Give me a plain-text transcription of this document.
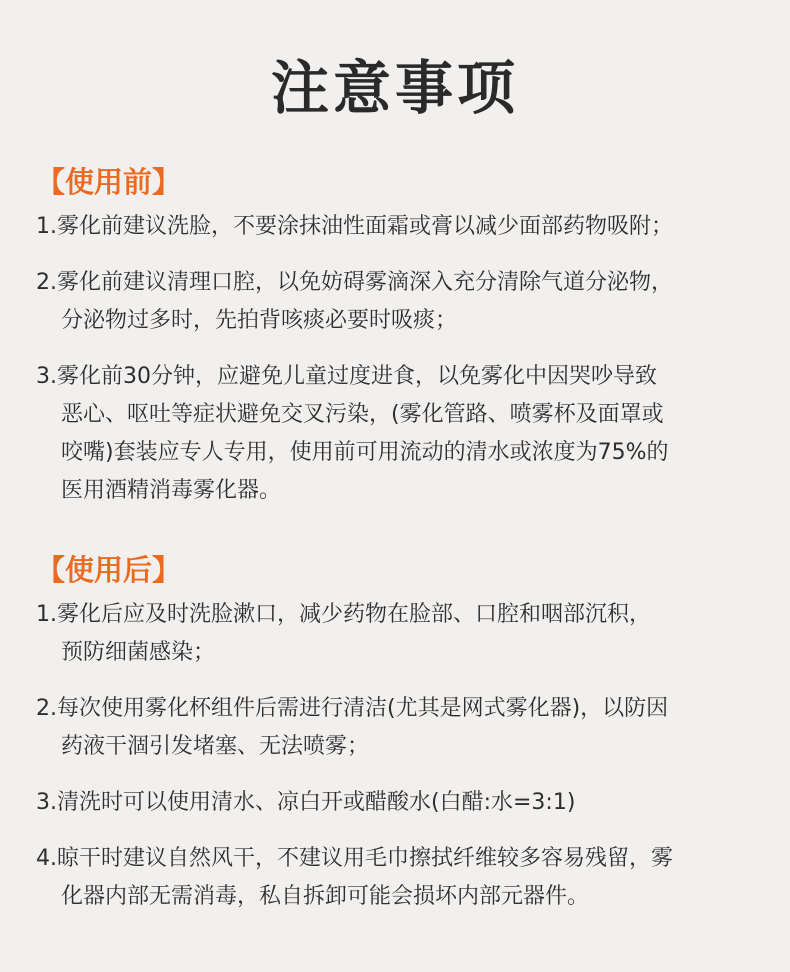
注意事项
【使用前】
1.雾化前建议洗脸，不要涂抹油性面霜或膏以减少面部药物吸附；
2.雾化前建议清理口腔，以免妨碍雾滴深入充分清除气道分泌物，
分泌物过多时，先拍背咳痰必要时吸痰；
3.雾化前30分钟，应避免儿童过度进食，以免雾化中因哭吵导致
恶心、呕吐等症状避免交叉污染，(雾化管路、喷雾杯及面罩或
咬嘴)套装应专人专用，使用前可用流动的清水或浓度为75%的
医用酒精消毒雾化器。
【使用后】
1.雾化后应及时洗脸漱口，减少药物在脸部、口腔和咽部沉积，
预防细菌感染；
2.每次使用雾化杯组件后需进行清洁(尤其是网式雾化器)，以防因
药液干涸引发堵塞、无法喷雾；
3.清洗时可以使用清水、凉白开或醋酸水(白醋:水=3:1)
4.晾干时建议自然风干，不建议用毛巾擦拭纤维较多容易残留，雾
化器内部无需消毒，私自拆卸可能会损坏内部元器件。
